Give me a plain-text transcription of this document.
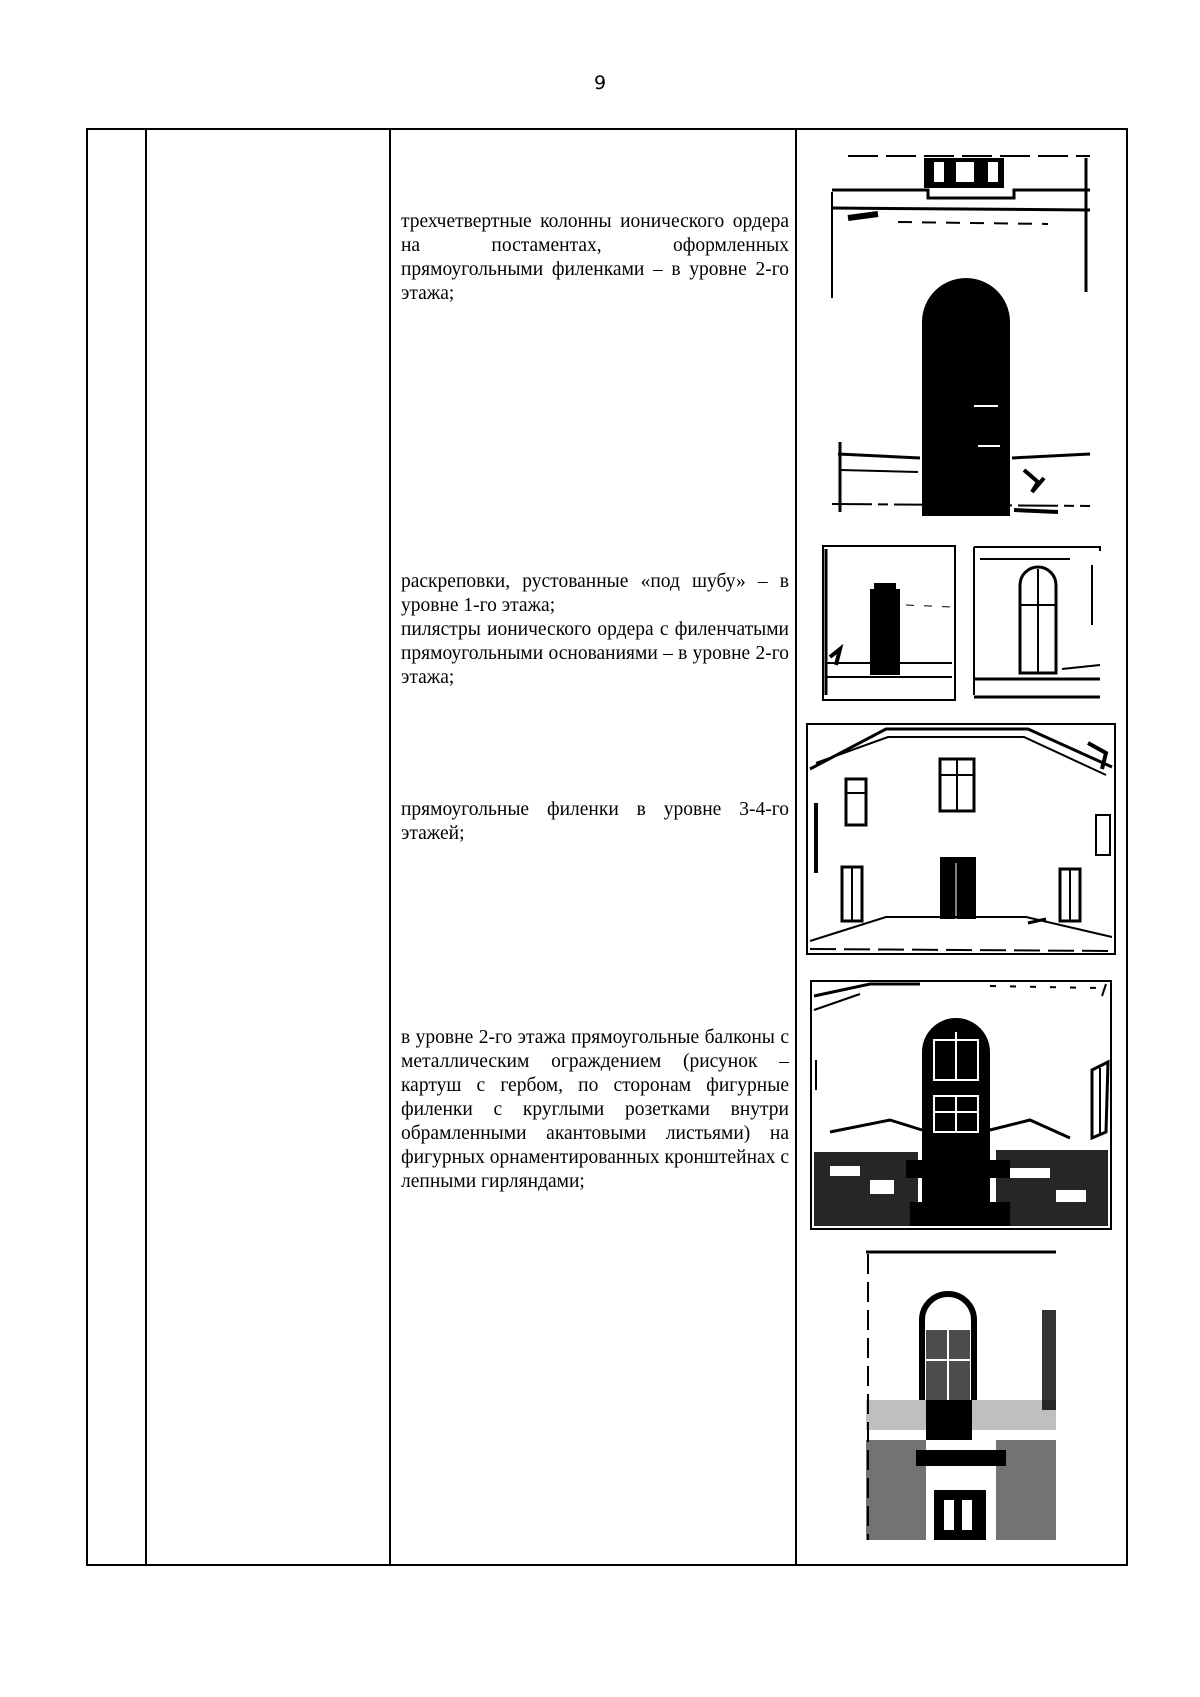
9

трехчетвертные колонны ионического ордера на постаментах, оформленных прямоугольными филенками – в уровне 2-го этажа;

раскреповки, рустованные «под шубу» – в уровне 1-го этажа;

пилястры ионического ордера с филенчатыми прямоугольными основаниями – в уровне 2-го этажа;

прямоугольные филенки в уровне 3-4-го этажей;

в уровне 2-го этажа прямоугольные балконы с металлическим ограждением (рисунок – картуш с гербом, по сторонам фигурные филенки с круглыми розетками внутри обрамленными акантовыми листьями) на фигурных орнаментированных кронштейнах с лепными гирляндами;
